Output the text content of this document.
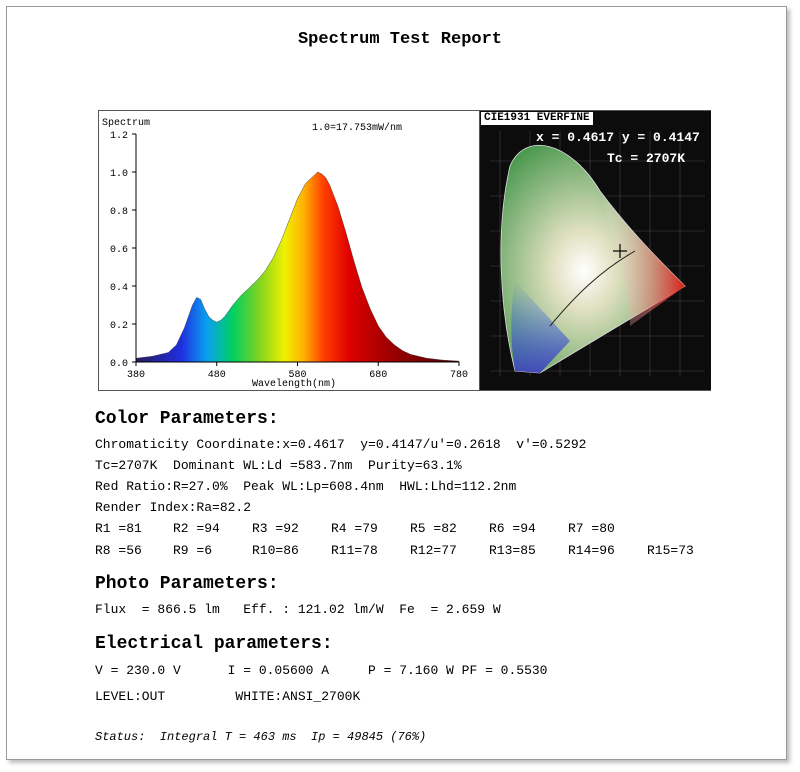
Spectrum Test Report
0.0
0.2
0.4
0.6
0.8
1.0
1.2
380	480	580	680	780
Spectrum	1.0=17.753mW/nm
Wavelength(nm)
CIE1931 EVERFINE
x = 0.4617 y = 0.4147
Tc = 2707K
Color Parameters:
Chromaticity Coordinate:x=0.4617  y=0.4147/u'=0.2618  v'=0.5292
Tc=2707K  Dominant WL:Ld =583.7nm  Purity=63.1%
Red Ratio:R=27.0%  Peak WL:Lp=608.4nm  HWL:Lhd=112.2nm
Render Index:Ra=82.2
R1 =81 R2 =94 R3 =92 R4 =79 R5 =82 R6 =94 R7 =80
R8 =56 R9 =6	R10=86 R11=78 R12=77 R13=85 R14=96 R15=73
Photo Parameters:
Flux  = 866.5 lm   Eff. : 121.02 lm/W  Fe  = 2.659 W
Electrical parameters:
V = 230.0 V      I = 0.05600 A     P = 7.160 W PF = 0.5530
LEVEL:OUT         WHITE:ANSI_2700K
Status:  Integral T = 463 ms  Ip = 49845 (76%)
